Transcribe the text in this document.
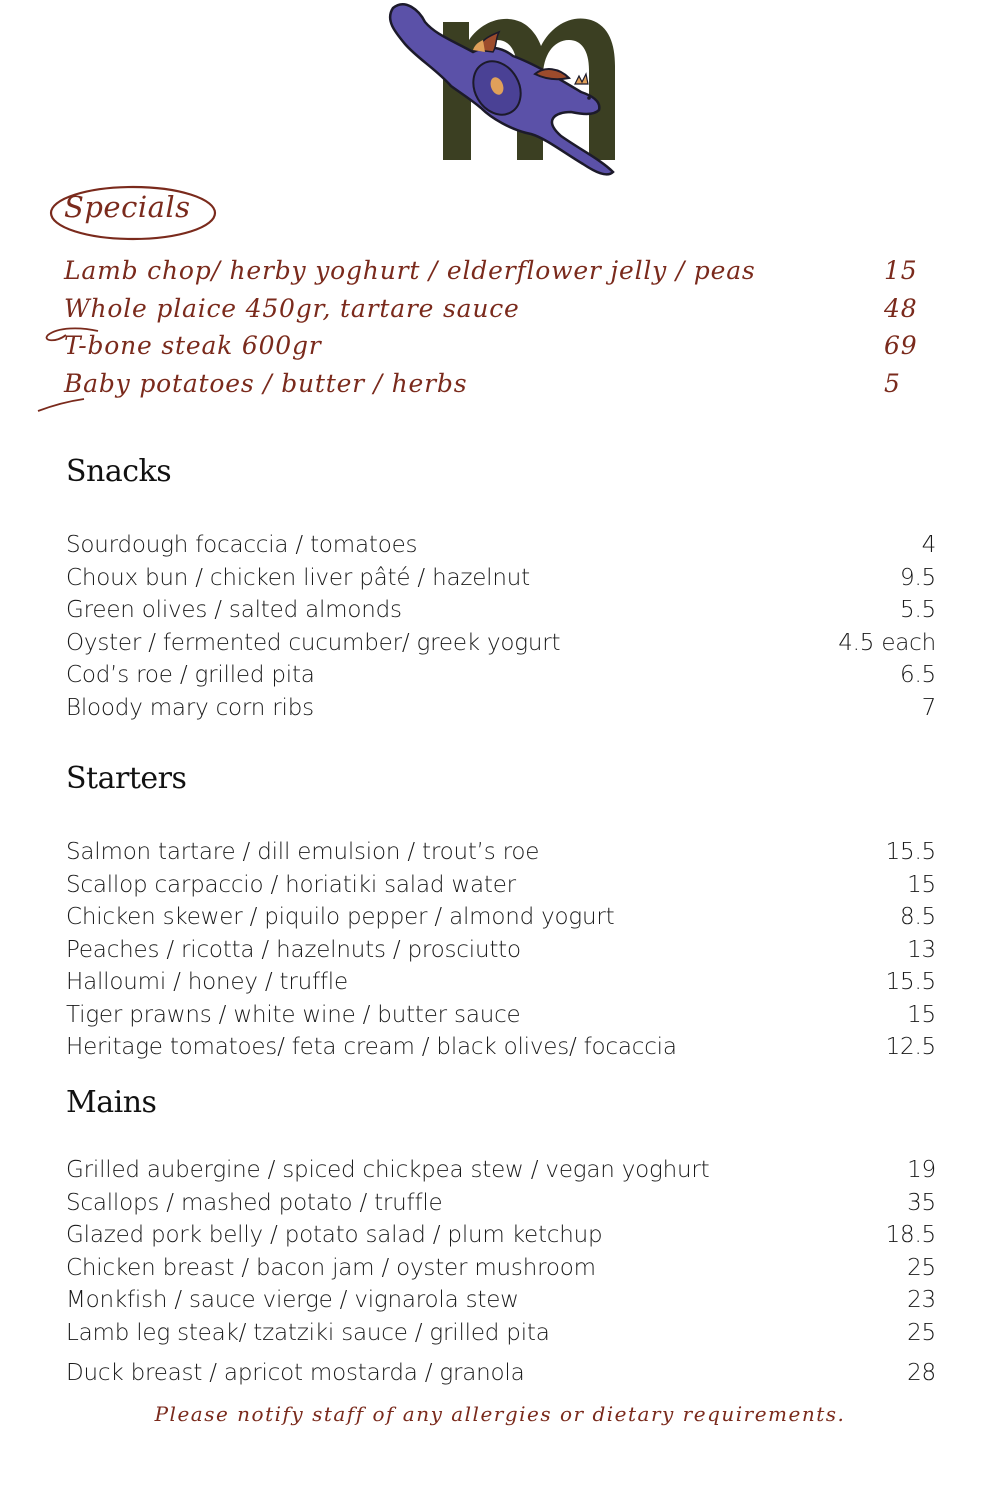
Specials
Lamb chop/ herby yoghurt / elderflower jelly / peas	15
Whole plaice 450gr, tartare sauce	48
T-bone steak 600gr	69
Baby potatoes / butter / herbs	5
Snacks
Sourdough focaccia / tomatoes	4
Choux bun / chicken liver pâté / hazelnut	9.5
Green olives / salted almonds	5.5
Oyster / fermented cucumber/ greek yogurt	4.5 each
Cod’s roe / grilled pita	6.5
Bloody mary corn ribs	7
Starters
Salmon tartare / dill emulsion / trout’s roe	15.5
Scallop carpaccio / horiatiki salad water	15
Chicken skewer / piquilo pepper / almond yogurt	8.5
Peaches / ricotta / hazelnuts / prosciutto	13
Halloumi / honey / truffle	15.5
Tiger prawns / white wine / butter sauce	15
Heritage tomatoes/ feta cream / black olives/ focaccia	12.5
Mains
Grilled aubergine / spiced chickpea stew / vegan yoghurt	19
Scallops / mashed potato / truffle	35
Glazed pork belly / potato salad / plum ketchup	18.5
Chicken breast / bacon jam / oyster mushroom	25
Monkfish / sauce vierge / vignarola stew	23
Lamb leg steak/ tzatziki sauce / grilled pita	25
Duck breast / apricot mostarda / granola	28
Please notify staff of any allergies or dietary requirements.
